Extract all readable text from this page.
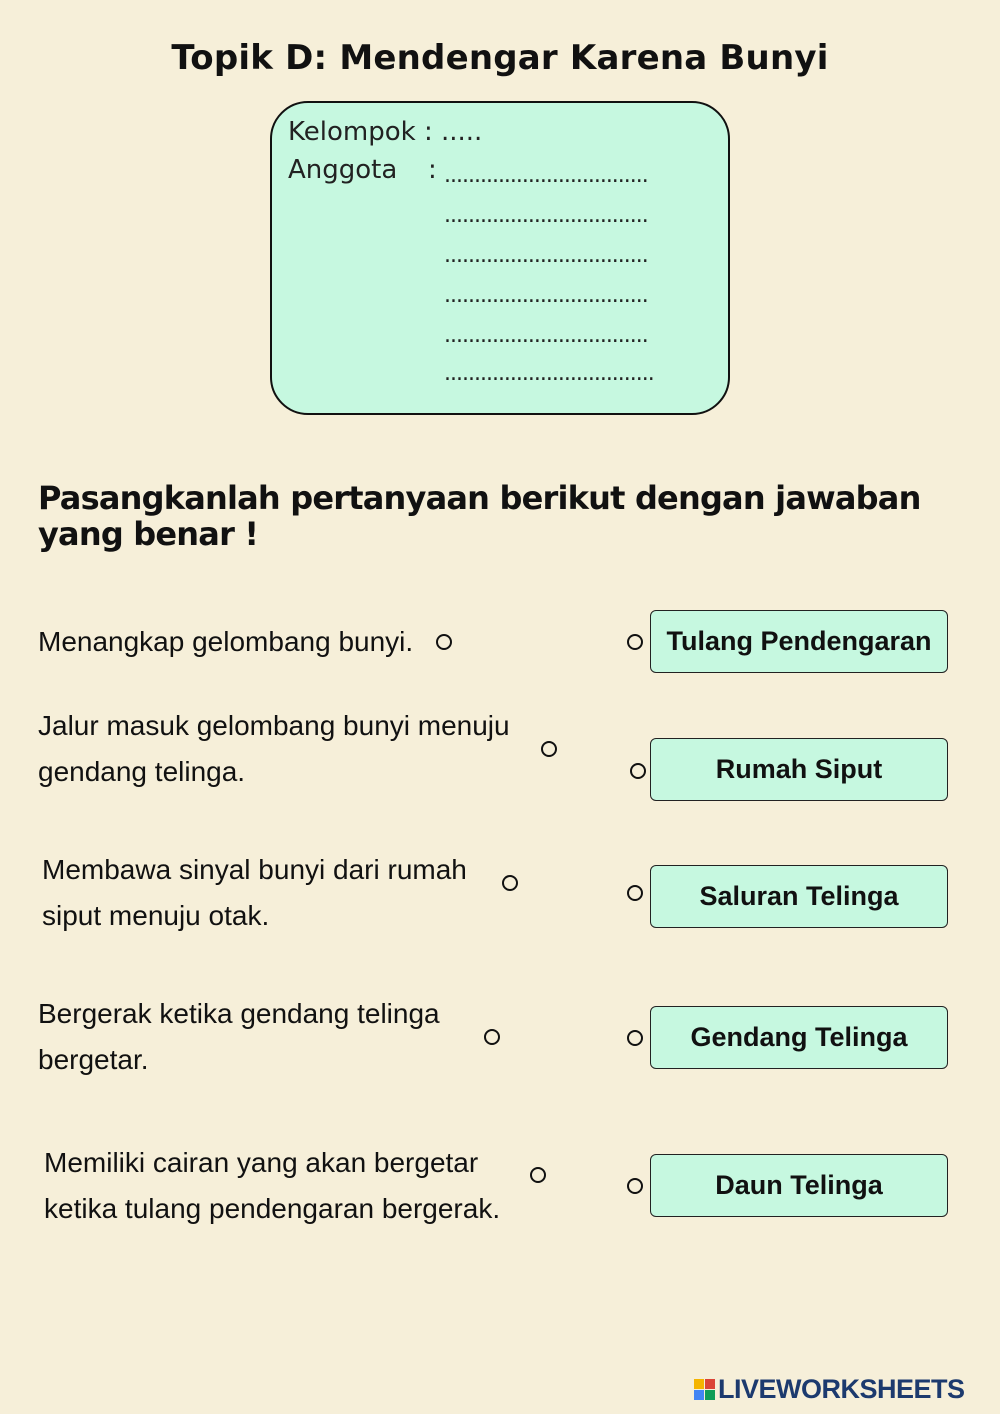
Topik D: Mendengar Karena Bunyi
Kelompok : .....
Anggota : ..................................
..................................
..................................
..................................
..................................
...................................
Pasangkanlah pertanyaan berikut dengan jawaban yang benar !
Menangkap gelombang bunyi.
Jalur masuk gelombang bunyi menuju
gendang telinga.
Membawa sinyal bunyi dari rumah
siput menuju otak.
Bergerak ketika gendang telinga
bergetar.
Memiliki cairan yang akan bergetar
ketika tulang pendengaran bergerak.
Tulang Pendengaran
Rumah Siput
Saluran Telinga
Gendang Telinga
Daun Telinga
LIVEWORKSHEETS
